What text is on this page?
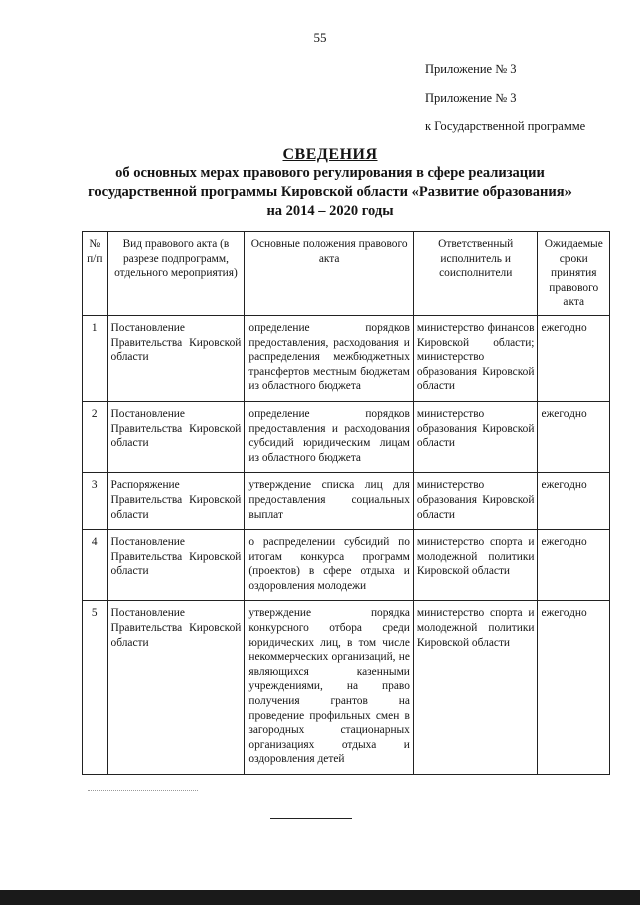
55
Приложение № 3
Приложение № 3
к Государственной программе
СВЕДЕНИЯ
об основных мерах правового регулирования в сфере реализации
государственной программы Кировской области «Развитие образования»
на 2014 – 2020 годы
№ п/п	Вид правового акта (в разрезе подпрограмм, отдельного мероприятия)	Основные положения правового акта	Ответственный исполнитель и соисполнители	Ожидаемые сроки принятия правового акта
1	Постановление Правительства Кировской области	определение порядков предоставления, расходования и распределения межбюджетных трансфертов местным бюджетам из областного бюджета	министерство финансов Кировской области; министерство образования Кировской области	ежегодно
2	Постановление Правительства Кировской области	определение порядков предоставления и расходования субсидий юридическим лицам из областного бюджета	министерство образования Кировской области	ежегодно
3	Распоряжение Правительства Кировской области	утверждение списка лиц для предоставления социальных выплат	министерство образования Кировской области	ежегодно
4	Постановление Правительства Кировской области	о распределении субсидий по итогам конкурса программ (проектов) в сфере отдыха и оздоровления молодежи	министерство спорта и молодежной политики Кировской области	ежегодно
5	Постановление Правительства Кировской области	утверждение порядка конкурсного отбора среди юридических лиц, в том числе некоммерческих организаций, не являющихся казенными учреждениями, на право получения грантов на проведение профильных смен в загородных стационарных организациях отдыха и оздоровления детей	министерство спорта и молодежной политики Кировской области	ежегодно
